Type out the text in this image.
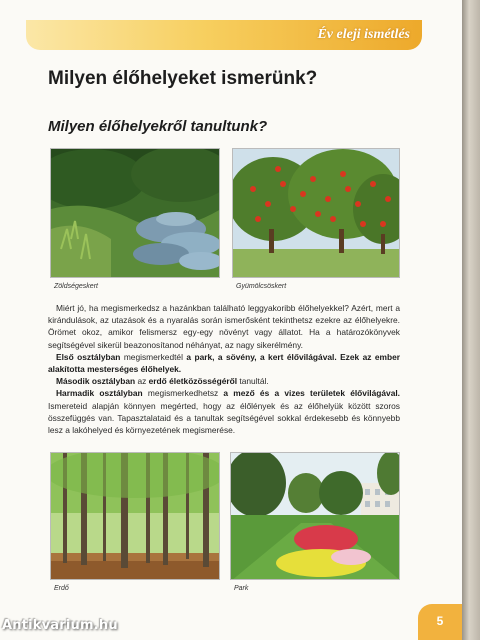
Év eleji ismétlés
Milyen élőhelyeket ismerünk?
Milyen élőhelyekről tanultunk?
Zöldségeskert	Gyümölcsöskert

Miért jó, ha megismerkedsz a hazánkban található leggyakoribb élőhelyekkel? Azért, mert a kirándulások, az utazások és a nyaralás során ismerősként tekinthetsz ezekre az élőhelyekre. Örömet okoz, amikor felismersz egy-egy növényt vagy állatot. Ha a határozókönyvek segítségével sikerül beazonosítanod néhányat, az nagy sikerélmény.

Első osztályban megismerkedtél a park, a sövény, a kert élővilágával. Ezek az ember alakította mesterséges élőhelyek.

Második osztályban az erdő életközösségéről tanultál.

Harmadik osztályban megismerkedhetsz a mező és a vizes területek élővilágával. Ismereteid alapján könnyen megérted, hogy az élőlények és az élőhelyük között szoros összefüggés van. Tapasztalataid és a tanultak segítségével sokkal érdekesebb és könnyebb lesz a lakóhelyed és környezetének megismerése.

Erdő	Park
5
Antikvarium.hu
